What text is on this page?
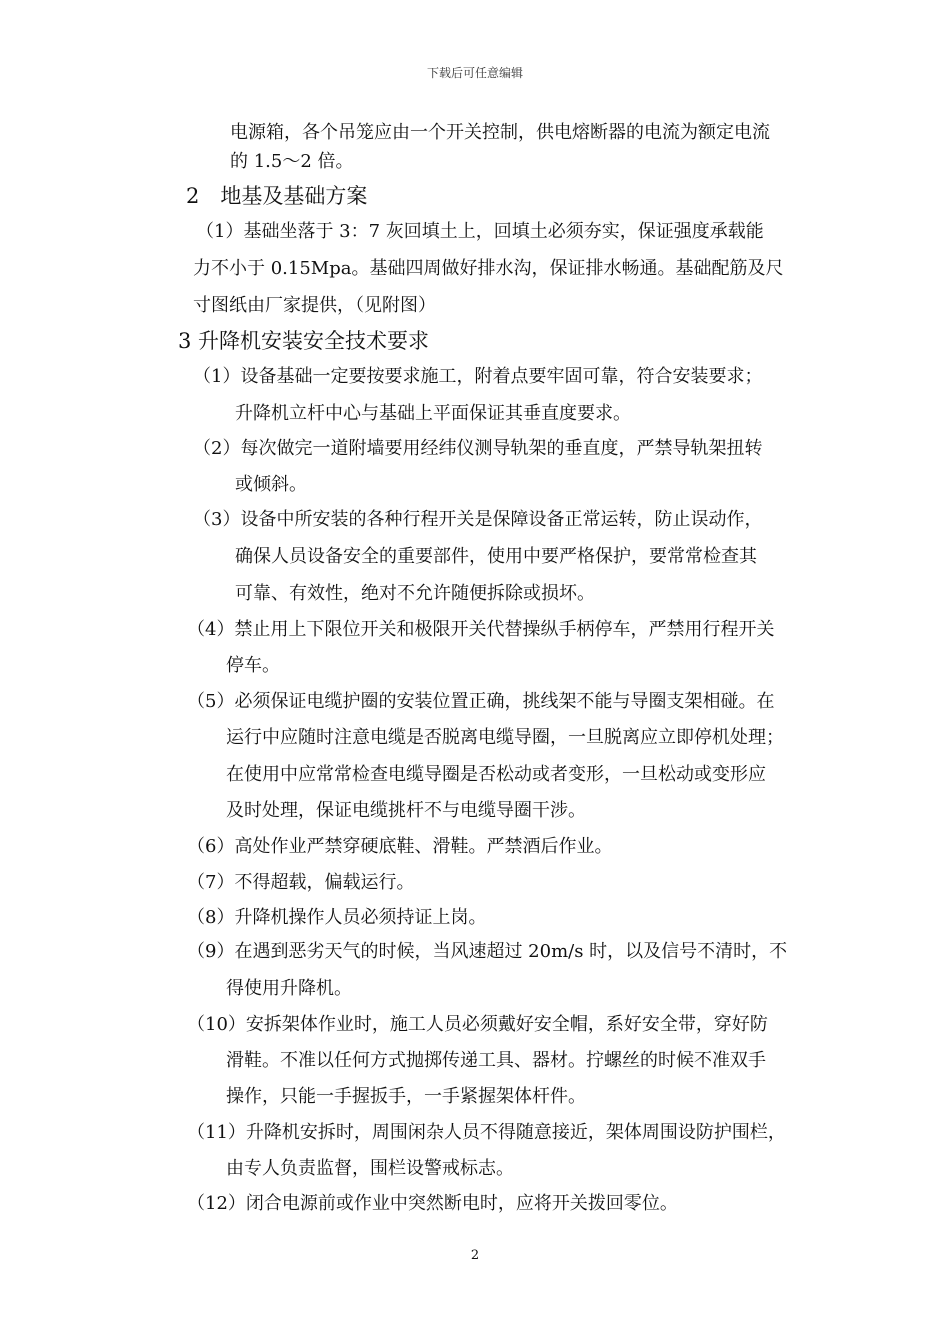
下载后可任意编辑
电源箱，各个吊笼应由一个开关控制，供电熔断器的电流为额定电流
的 1.5～2 倍。
2　地基及基础方案
（1）基础坐落于 3：7 灰回填土上，回填土必须夯实，保证强度承载能
力不小于 0.15Mpa。基础四周做好排水沟，保证排水畅通。基础配筋及尺
寸图纸由厂家提供，（见附图）
3 升降机安装安全技术要求
（1）设备基础一定要按要求施工，附着点要牢固可靠，符合安装要求；
升降机立杆中心与基础上平面保证其垂直度要求。
（2）每次做完一道附墙要用经纬仪测导轨架的垂直度，严禁导轨架扭转
或倾斜。
（3）设备中所安装的各种行程开关是保障设备正常运转，防止误动作，
确保人员设备安全的重要部件，使用中要严格保护，要常常检查其
可靠、有效性，绝对不允许随便拆除或损坏。
（4）禁止用上下限位开关和极限开关代替操纵手柄停车，严禁用行程开关
停车。
（5）必须保证电缆护圈的安装位置正确，挑线架不能与导圈支架相碰。在
运行中应随时注意电缆是否脱离电缆导圈，一旦脱离应立即停机处理；
在使用中应常常检查电缆导圈是否松动或者变形，一旦松动或变形应
及时处理，保证电缆挑杆不与电缆导圈干涉。
（6）高处作业严禁穿硬底鞋、滑鞋。严禁酒后作业。
（7）不得超载，偏载运行。
（8）升降机操作人员必须持证上岗。
（9）在遇到恶劣天气的时候，当风速超过 20m/s 时，以及信号不清时，不
得使用升降机。
（10）安拆架体作业时，施工人员必须戴好安全帽，系好安全带，穿好防
滑鞋。不准以任何方式抛掷传递工具、器材。拧螺丝的时候不准双手
操作，只能一手握扳手，一手紧握架体杆件。
（11）升降机安拆时，周围闲杂人员不得随意接近，架体周围设防护围栏，
由专人负责监督，围栏设警戒标志。
（12）闭合电源前或作业中突然断电时，应将开关拨回零位。
2
